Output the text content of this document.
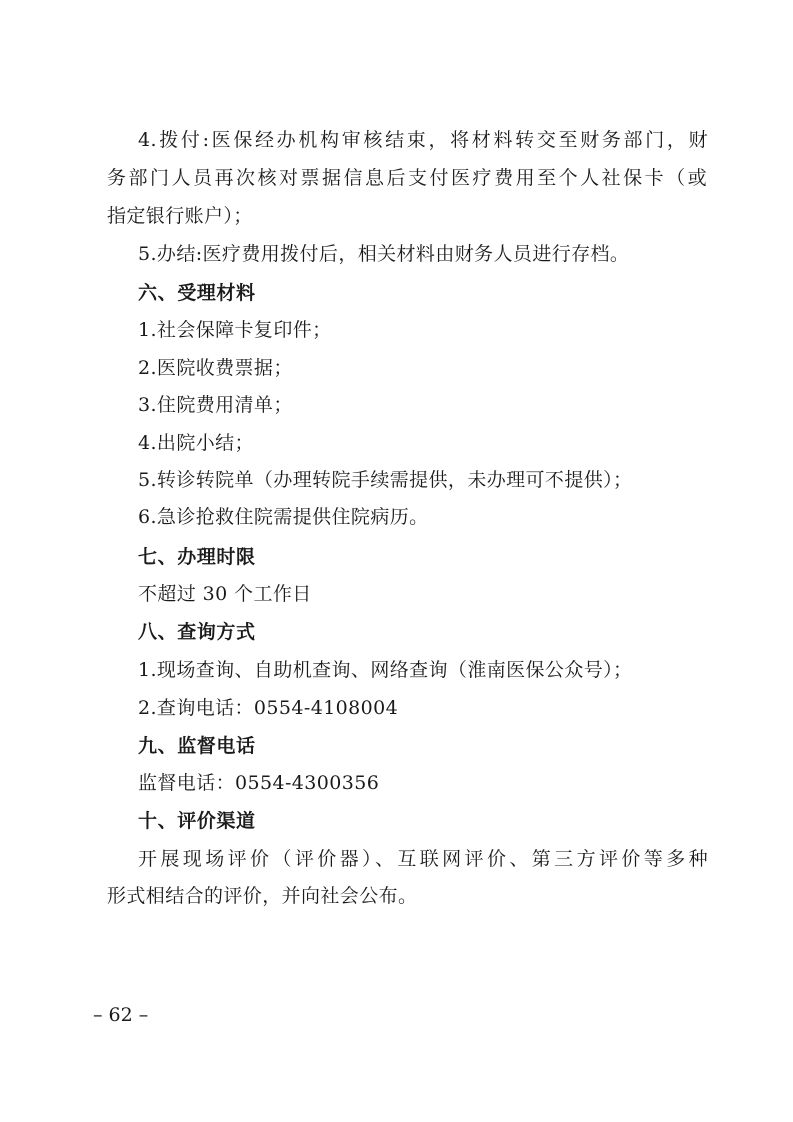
4.拨付:医保经办机构审核结束，将材料转交至财务部门，财
务部门人员再次核对票据信息后支付医疗费用至个人社保卡（或
指定银行账户）；
5.办结:医疗费用拨付后，相关材料由财务人员进行存档。
六、受理材料
1.社会保障卡复印件；
2.医院收费票据；
3.住院费用清单；
4.出院小结；
5.转诊转院单（办理转院手续需提供，未办理可不提供）；
6.急诊抢救住院需提供住院病历。
七、办理时限
不超过 30 个工作日
八、查询方式
1.现场查询、自助机查询、网络查询（淮南医保公众号）；
2.查询电话：0554-4108004
九、监督电话
监督电话：0554-4300356
十、评价渠道
开展现场评价（评价器）、互联网评价、第三方评价等多种
形式相结合的评价，并向社会公布。
– 62 –
